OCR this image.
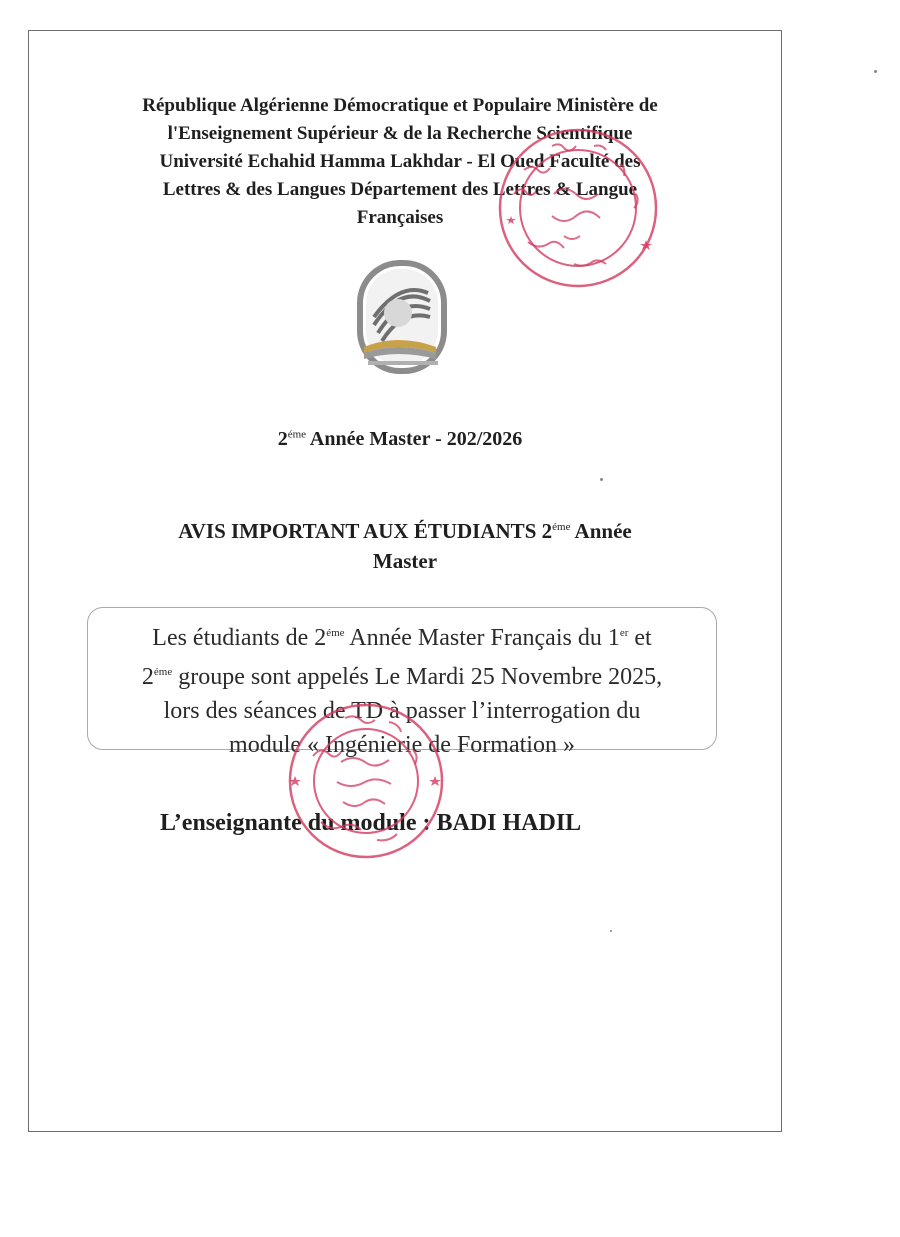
République Algérienne Démocratique et Populaire Ministère de
l'Enseignement Supérieur & de la Recherche Scientifique
Université Echahid Hamma Lakhdar - El Oued Faculté des
Lettres & des Langues Département des Lettres & Langue
Françaises
$2^{éme}$ Année Master - 202/2026
AVIS IMPORTANT AUX ÉTUDIANTS $2^{éme}$ Année
Master
Les étudiants de $2^{éme}$ Année Master Français du 1er et
$2^{éme}$ groupe sont appelés Le Mardi 25 Novembre 2025,
lors des séances de TD à passer l’interrogation du
module « Ingénierie de Formation »
L’enseignante du module : BADI HADIL
